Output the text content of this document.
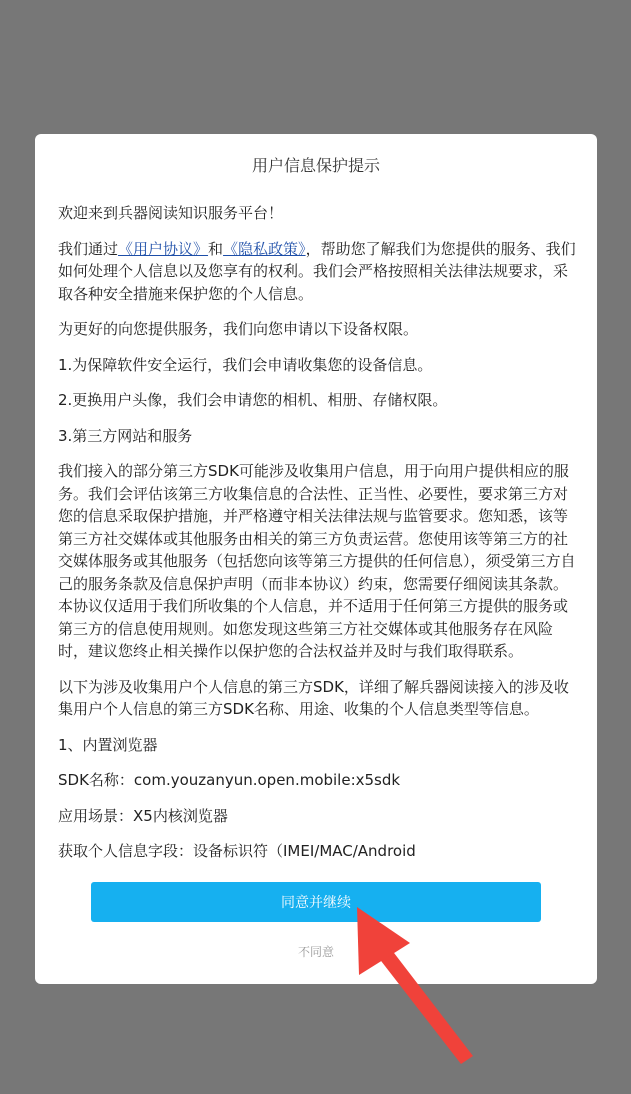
用户信息保护提示

欢迎来到兵器阅读知识服务平台！

我们通过《用户协议》和《隐私政策》，帮助您了解我们为您提供的服务、我们如何处理个人信息以及您享有的权利。我们会严格按照相关法律法规要求，采取各种安全措施来保护您的个人信息。

为更好的向您提供服务，我们向您申请以下设备权限。

1.为保障软件安全运行，我们会申请收集您的设备信息。

2.更换用户头像，我们会申请您的相机、相册、存储权限。

3.第三方网站和服务

我们接入的部分第三方SDK可能涉及收集用户信息，用于向用户提供相应的服务。我们会评估该第三方收集信息的合法性、正当性、必要性，要求第三方对您的信息采取保护措施，并严格遵守相关法律法规与监管要求。您知悉，该等第三方社交媒体或其他服务由相关的第三方负责运营。您使用该等第三方的社交媒体服务或其他服务（包括您向该等第三方提供的任何信息），须受第三方自己的服务条款及信息保护声明（而非本协议）约束，您需要仔细阅读其条款。本协议仅适用于我们所收集的个人信息，并不适用于任何第三方提供的服务或第三方的信息使用规则。如您发现这些第三方社交媒体或其他服务存在风险时，建议您终止相关操作以保护您的合法权益并及时与我们取得联系。

以下为涉及收集用户个人信息的第三方SDK，详细了解兵器阅读接入的涉及收集用户个人信息的第三方SDK名称、用途、收集的个人信息类型等信息。

1、内置浏览器

SDK名称：com.youzanyun.open.mobile:x5sdk

应用场景：X5内核浏览器

获取个人信息字段：设备标识符（IMEI/MAC/Android

同意并继续
不同意
